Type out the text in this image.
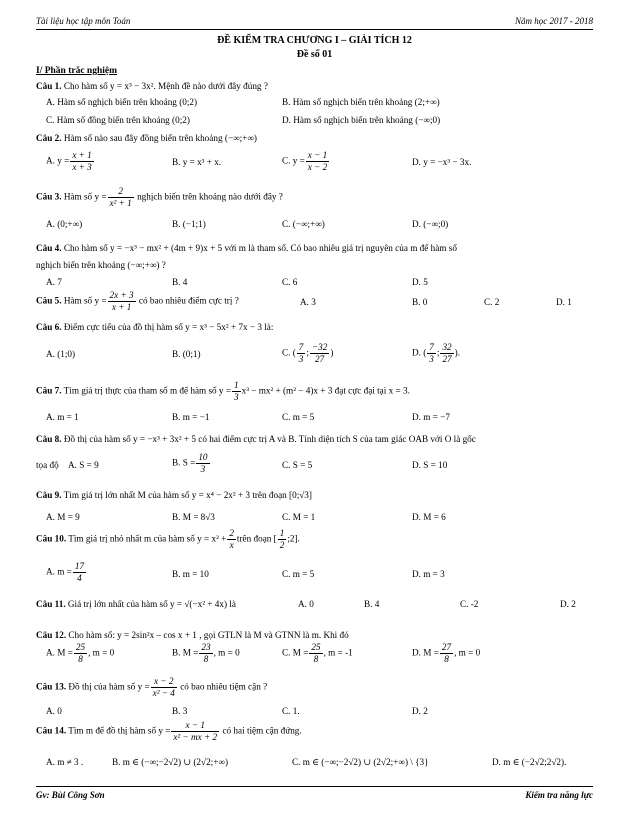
Tài liệu học tập môn Toán	Năm học 2017 - 2018
ĐỀ KIỂM TRA CHƯƠNG I – GIẢI TÍCH 12
Đề số 01
I/ Phần trắc nghiệm
Câu 1. Cho hàm số y = x³ − 3x². Mệnh đề nào dưới đây đúng ?
A. Hàm số nghịch biến trên khoảng (0;2)	B. Hàm số nghịch biến trên khoảng (2;+∞)
C. Hàm số đồng biến trên khoảng (0;2)	D. Hàm số nghịch biến trên khoảng (−∞;0)
Câu 2. Hàm số nào sau đây đồng biến trên khoảng (−∞;+∞)
A. $y = \frac{x + 1}{x + 3}$	B. y = x³ + x.	C. $y = \frac{x - 1}{x - 2}$	D. y = −x³ − 3x.
Câu 3. Hàm số $y = \frac{2}{\text{x² + 1}}$ nghịch biến trên khoảng nào dưới đây ?
A. (0;+∞)	B. (−1;1)	C. (−∞;+∞)	D. (−∞;0)
Câu 4. Cho hàm số y = −x³ − mx² + (4m + 9)x + 5 với m là tham số. Có bao nhiêu giá trị nguyên của m để hàm số
nghịch biến trên khoảng (−∞;+∞) ?
A. 7	B. 4	C. 6	D. 5
Câu 5. Hàm số $y = \frac{2x + 3}{x + 1}$ có bao nhiêu điểm cực trị ?	A. 3	B. 0	C. 2	D. 1
Câu 6. Điểm cực tiểu của đồ thị hàm số y = x³ − 5x² + 7x − 3 là:
A. (1;0)	B. (0;1)	C. ( $\frac{7}{3}$ ; $\frac{-32}{27}$ )	D. ( $\frac{7}{3}$ ; $\frac{32}{27}$ ).
Câu 7. Tìm giá trị thực của tham số m để hàm số $y = \frac{1}{3} x^3 - mx^2 + (m^2 - 4)x + 3$ đạt cực đại tại x = 3.
A. m = 1	B. m = −1	C. m = 5	D. m = −7
Câu 8. Đồ thị của hàm số y = −x³ + 3x² + 5 có hai điểm cực trị A và B. Tính diện tích S của tam giác OAB với O là gốc
tọa độ A. S = 9	B. $S = \frac{10}{3}$	C. S = 5	D. S = 10
Câu 9. Tìm giá trị lớn nhất M của hàm số y = x⁴ − 2x² + 3 trên đoạn [0;√3]
A. M = 9	B. M = 8√3	C. M = 1	D. M = 6
Câu 10. Tìm giá trị nhỏ nhất m của hàm số $y = x^2 + \frac{2}{x}$ trên đoạn [ $\frac{1}{2}$ ;2].
A. $m = \frac{17}{4}$	B. m = 10	C. m = 5	D. m = 3
Câu 11. Giá trị lớn nhất của hàm số y = √(−x² + 4x) là	A. 0	B. 4	C. -2	D. 2
Câu 12. Cho hàm số: y = 2sin²x – cos x + 1 , gọi GTLN là M và GTNN là m. Khi đó
A. $M = \frac{25}{8}$ , m = 0	B. $M = \frac{23}{8}$ , m = 0	C. $M = \frac{25}{8}$ , m = -1	D. $M = \frac{27}{8}$ , m = 0
Câu 13. Đồ thị của hàm số $y = \frac{x - 2}{\text{x² − 4}}$ có bao nhiêu tiệm cận ?
A. 0	B. 3	C. 1.	D. 2
Câu 14. Tìm m để đồ thị hàm số $y = \frac{x - 1}{\text{x² − mx + 2}}$ có hai tiệm cận đứng.
A. m ≠ 3 .	B. m ∈ (−∞;−2√2) ∪ (2√2;+∞)	C. m ∈ (−∞;−2√2) ∪ (2√2;+∞) \ {3}	D. m ∈ (−2√2;2√2).
Gv: Bùi Công Sơn	Kiểm tra năng lực
